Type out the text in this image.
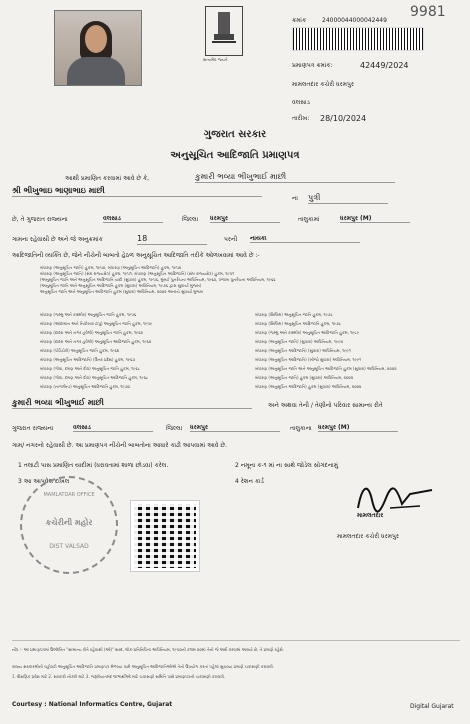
સત્યમેવ જયતે
ક્રમાંક	24000044000042449
9981
પ્રમાણપત્ર ક્રમાંક:	42449/2024
મામલતદાર કચેરી ધરમપુર
વલસાડ
તારીખ: 28/10/2024
ગુજરાત સરકાર
અનુસૂચિત આદિજાતિ પ્રમાણપત્ર
આથી પ્રમાણિત કરવામાં આવે છે કે,	કુમારી ભવ્યા ભીખુભાઈ માછી
શ્રી ભીખુભાઇ ભાણાભાઇ માછી
ના પુત્રી
છે, તે ગુજરાત રાજ્યના	વલસાડ	જિલ્લા ધરમપુર	તાલુકામાં	ધરમપુર (M)
ગામના રહેવાસી છે અને જે અનુક્રમાંક	18	પરની નાયકા
આદિજાતિની વ્યક્તિ છે, જેને નીચેની બાબતો હેઠળ અનુસૂચિત આદિજાતિ તરીકે ઓળખવામાં આવે છે :-
બંધારણ (અનુસૂચિત જાતિ) હુકમ, ૧૯૫૦, બંધારણ (અનુસૂચિત આદિજાતિ) હુકમ, ૧૯૫૦
બંધારણ (અનુસૂચિત જાતિ) (સંઘ રાજયક્ષેત્ર) હુકમ, ૧૯૫૧, બંધારણ (અનુસૂચિત આદિજાતિ) (સંઘ રાજયક્ષેત્ર) હુકમ, ૧૯૫૧
(અનુસૂચિત જાતિ અને અનુસૂચિત આદિજાતિ યાદી (સુધારા) હુકમ, ૧૯૫૬, મુંબઈ પુનર્રચના અધિનિયમ, ૧૯૬૦, પંજાબ પુનર્રચના અધિનિયમ, ૧૯૬૬
(અનુસૂચિત જાતિ અને અનુસૂચિત આદિજાતિ હુકમ (સુધારા) અધિનિયમ, ૧૯૭૬ દ્વારા સુધાર્યા મુજબ)
અનુસૂચિત જાતિ અને અનુસૂચિત આદિજાતિ હુકમ (સુધારા) અધિનિયમ, ૨૦૦૨ અન્વયે સુધાર્યા મુજબ
બંધારણ (જમ્મુ અને કાશ્મીર) અનુસૂચિત જાતિ હુકમ, ૧૯૫૬
બંધારણ (આંદામાન અને નિકોબાર ટાપુ) અનુસૂચિત જાતિ હુકમ, ૧૯૫૯
બંધારણ (દાદરા અને નગર હવેલી) અનુસૂચિત જાતિ હુકમ, ૧૯૬૨
બંધારણ (દાદરા અને નગર હવેલી) અનુસૂચિત આદિજાતિ હુકમ, ૧૯૬૨
બંધારણ (પોંડિચેરી) અનુસૂચિત જાતિ હુકમ, ૧૯૬૪
બંધારણ (અનુસૂચિત આદિજાતિ) (ઉત્તર પ્રદેશ) હુકમ, ૧૯૬૭
બંધારણ (ગોવા, દમણ અને દીવ) અનુસૂચિત જાતિ હુકમ, ૧૯૬૮
બંધારણ (ગોવા, દમણ અને દીવ) અનુસૂચિત આદિજાતિ હુકમ, ૧૯૬૮
બંધારણ (નાગાલેન્ડ) અનુસૂચિત આદિજાતિ હુકમ, ૧૯૭૦
બંધારણ (સિક્કિમ) અનુસૂચિત જાતિ હુકમ, ૧૯૭૮
બંધારણ (સિક્કિમ) અનુસૂચિત આદિજાતિ હુકમ, ૧૯૭૮
બંધારણ (જમ્મુ અને કાશ્મીર) અનુસૂચિત આદિજાતિ હુકમ, ૧૯૮૯
બંધારણ (અનુસૂચિત જાતિ) (સુધારા) અધિનિયમ, ૧૯૯૦
બંધારણ (અનુસૂચિત આદિજાતિ) (સુધારા) અધિનિયમ, ૧૯૯૧
બંધારણ (અનુસૂચિત આદિજાતિ) (બીજો સુધારા) અધિનિયમ, ૧૯૯૧
બંધારણ (અનુસૂચિત જાતિ અને અનુસૂચિત આદિજાતિ હુકમ (સુધારા) અધિનિયમ, ૨૦૦૨
બંધારણ (અનુસૂચિત જાતિ) હુકમ (સુધારા) અધિનિયમ, ૨૦૦૨
બંધારણ (અનુસૂચિત આદિજાતિ) હુકમ (સુધારા) અધિનિયમ, ૨૦૦૨
કુમારી ભવ્યા ભીખુભાઈ માછી	અને અથવા તેની / તેણીનો પરિવાર સામાન્ય રીતે
ગુજરાત રાજ્યના	વલસાડ	જિલ્લા ધરમપુર	તાલુકાના ધરમપુર (M)
ગામ/ નગરનો રહેવાસી છે. આ પ્રમાણપત્ર નીચેની બાબતોના આધારે કાઢી આપવામાં આવે છે.
1 તલાટી પાસ પ્રમાણિત યાદીમાં (ધરાવતામાં શાળા છોડવા) કરેલ.	2 નમૂના ક-૧ માં ના સાથે જોડેલ સોગંદનામું
3 આ આપવેલ દાખલ	4 રેશન કાર્ડ
MAMLATDAR OFFICE
કચેરીની મહોર
DIST VALSAD
મામલતદાર
મામલતદાર કચેરી ધરમપુર
નોંધ :- આ પ્રમાણપત્રમાં ઉલ્લેખિત "સામાન્ય રીતે રહેવાસી (ઓ)" શબ્દ, લોક-પ્રતિનિધિત્વ અધિનિયમ, ૧૯૫૦ની કલમ ૨૦માં તેનો જે અર્થ કરવામાં આવ્યો છે, તે પ્રમાણે રહેશે.
રાજ્ય સરકારશ્રીની વહીવટી અનુસૂચિત આદિજાતિ પ્રમાણપત્ર મેળવ્યા પછી અનુસૂચિત આદિજાતિઓએ તેનો ઉપયોગ કરતાં પહેલાં સુચવ્યા પ્રમાણે ચકાસણી કરાવવી.
1. શૈક્ષણિક પ્રવેશ માટે 2. સરકારી નોકરી માટે 3. જરૂરીયાતમંદ લાભાર્થીઓ માટે ચકાસણી સમિતિ પાસે પ્રમાણપત્રની ચકાસણી કરાવવી.
Courtesy : National Informatics Centre, Gujarat	Digital Gujarat
